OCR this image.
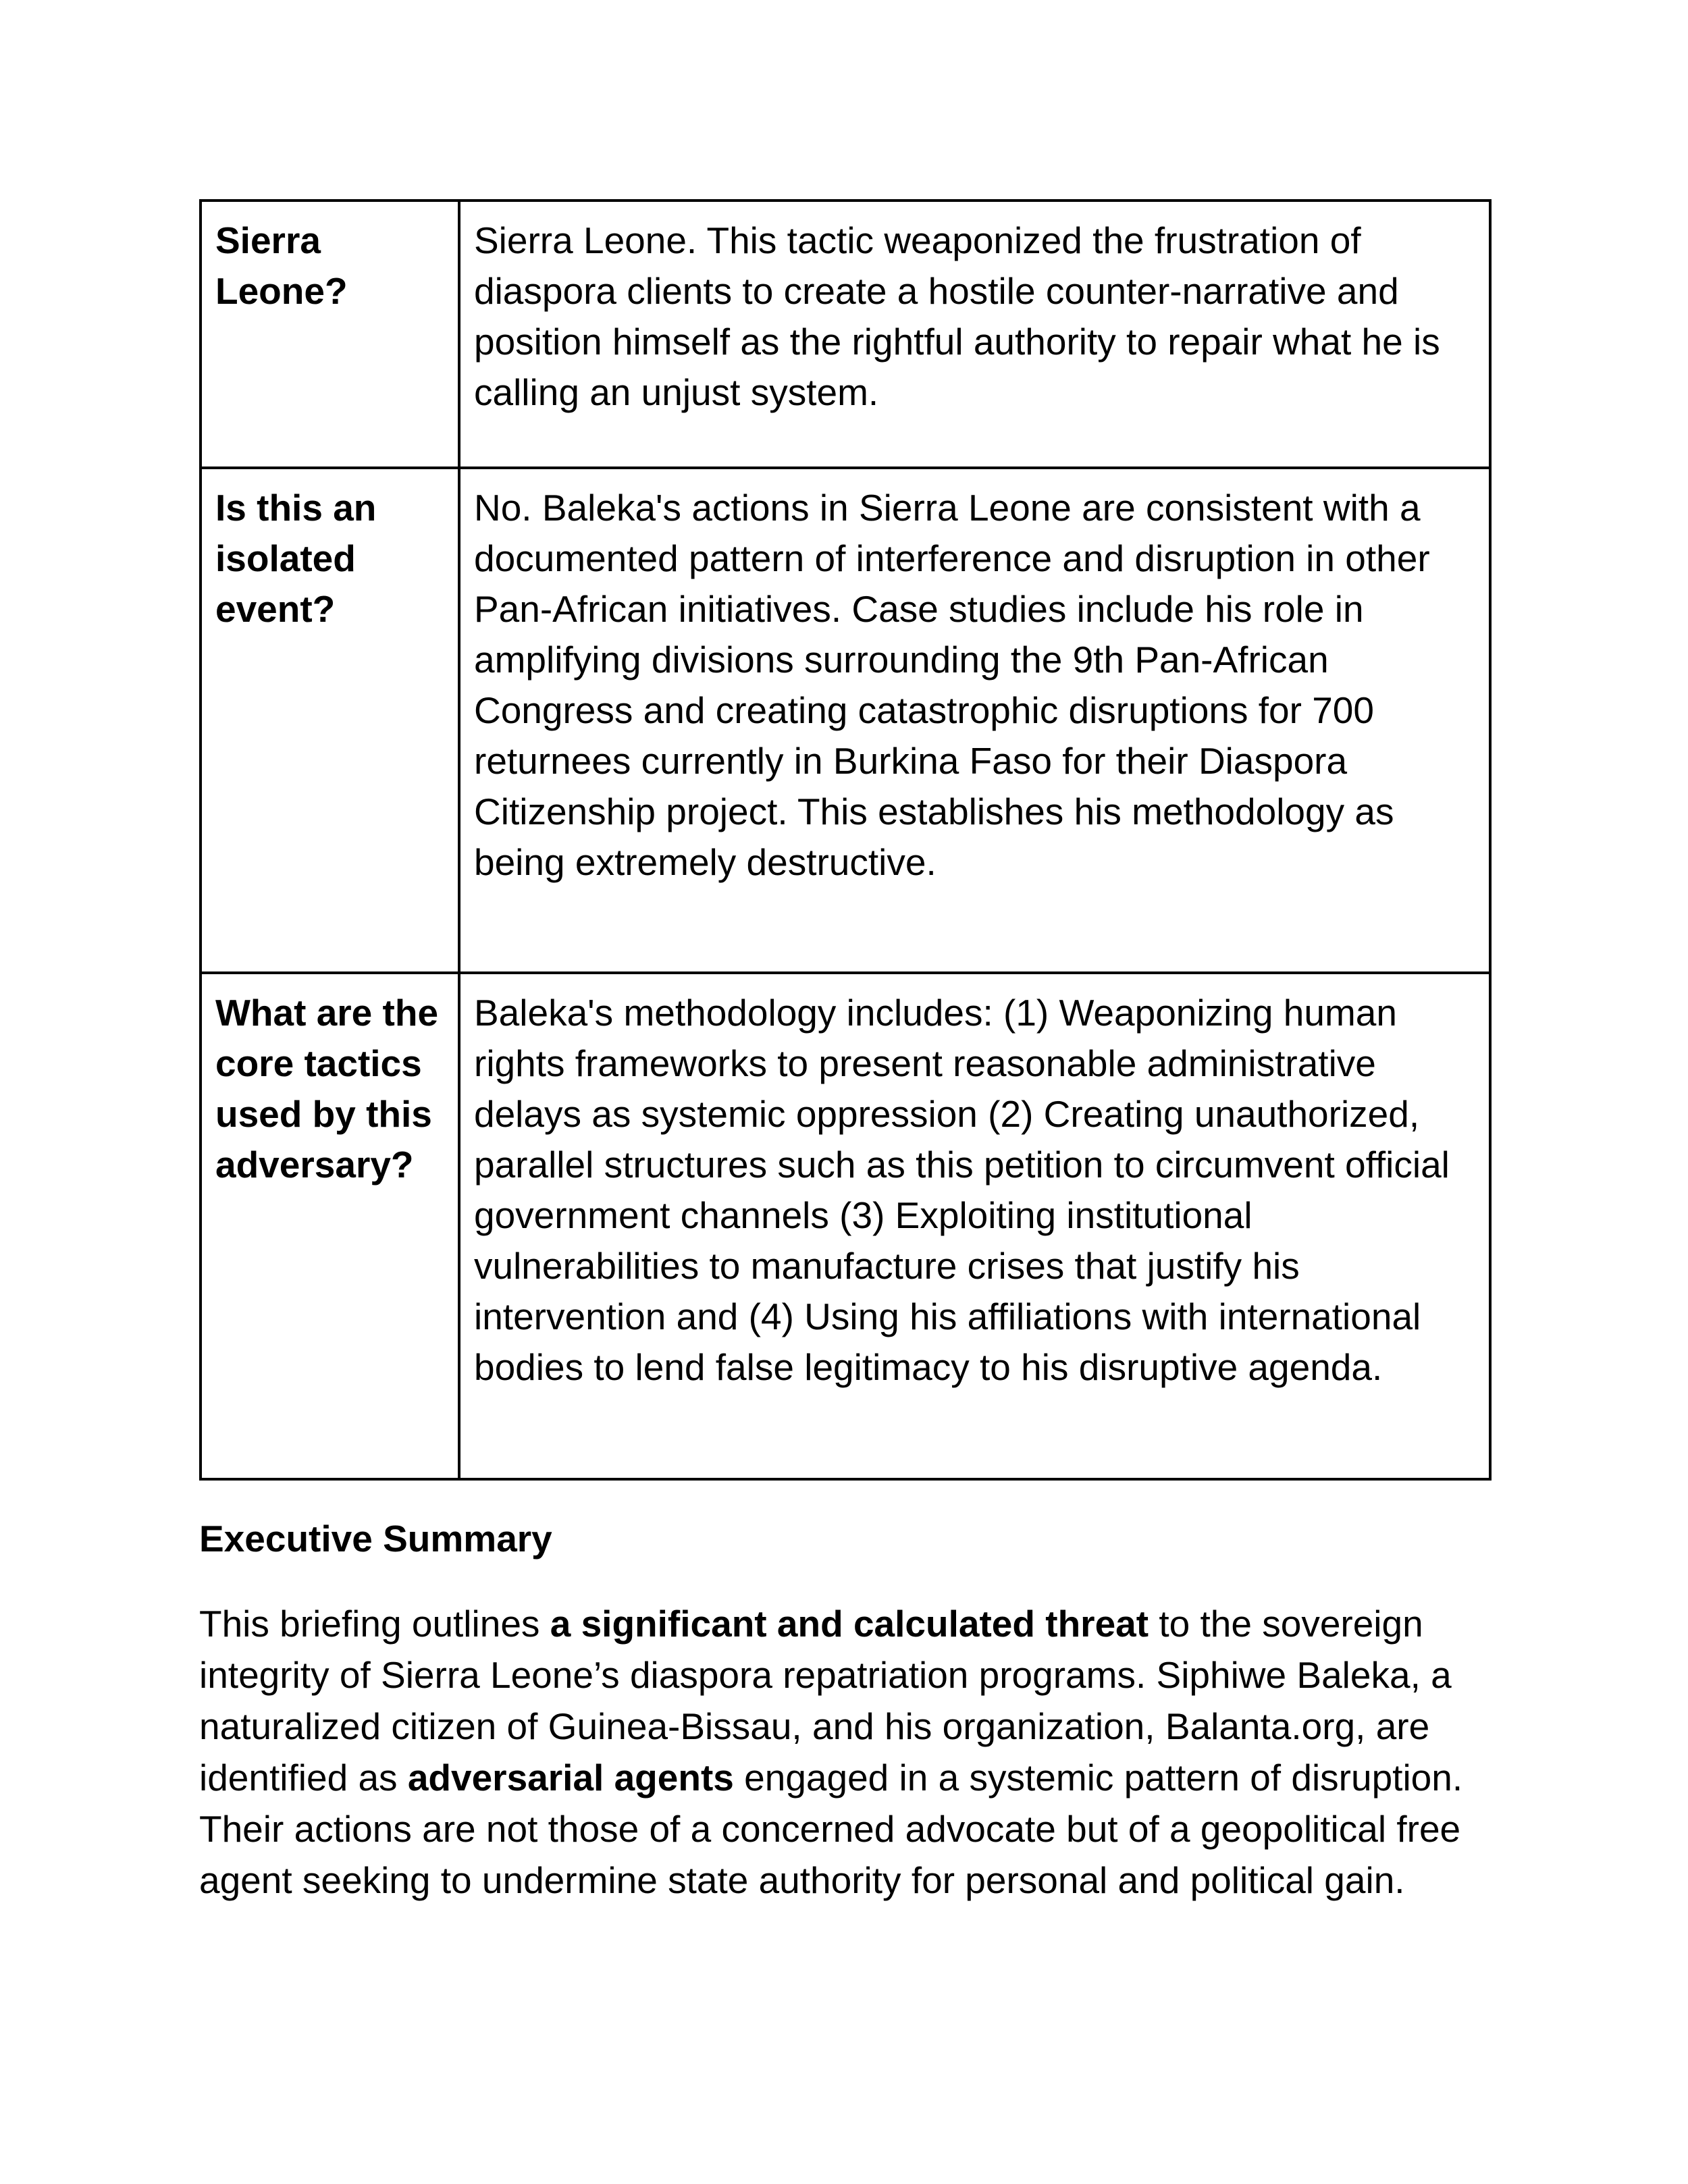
Sierra Leone?	Sierra Leone. This tactic weaponized the frustration of diaspora clients to create a hostile counter-narrative and position himself as the rightful authority to repair what he is calling an unjust system.
Is this an isolated event?	No. Baleka's actions in Sierra Leone are consistent with a documented pattern of interference and disruption in other Pan-African initiatives. Case studies include his role in amplifying divisions surrounding the 9th Pan-African Congress and creating catastrophic disruptions for 700 returnees currently in Burkina Faso for their Diaspora Citizenship project. This establishes his methodology as being extremely destructive.
What are the core tactics used by this adversary?	Baleka's methodology includes: (1) Weaponizing human rights frameworks to present reasonable administrative delays as systemic oppression (2) Creating unauthorized, parallel structures such as this petition to circumvent official government channels (3) Exploiting institutional vulnerabilities to manufacture crises that justify his intervention and (4) Using his affiliations with international bodies to lend false legitimacy to his disruptive agenda.
Executive Summary

This briefing outlines a significant and calculated threat to the sovereign integrity of Sierra Leone’s diaspora repatriation programs. Siphiwe Baleka, a naturalized citizen of Guinea-Bissau, and his organization, Balanta.org, are identified as adversarial agents engaged in a systemic pattern of disruption. Their actions are not those of a concerned advocate but of a geopolitical free agent seeking to undermine state authority for personal and political gain.
